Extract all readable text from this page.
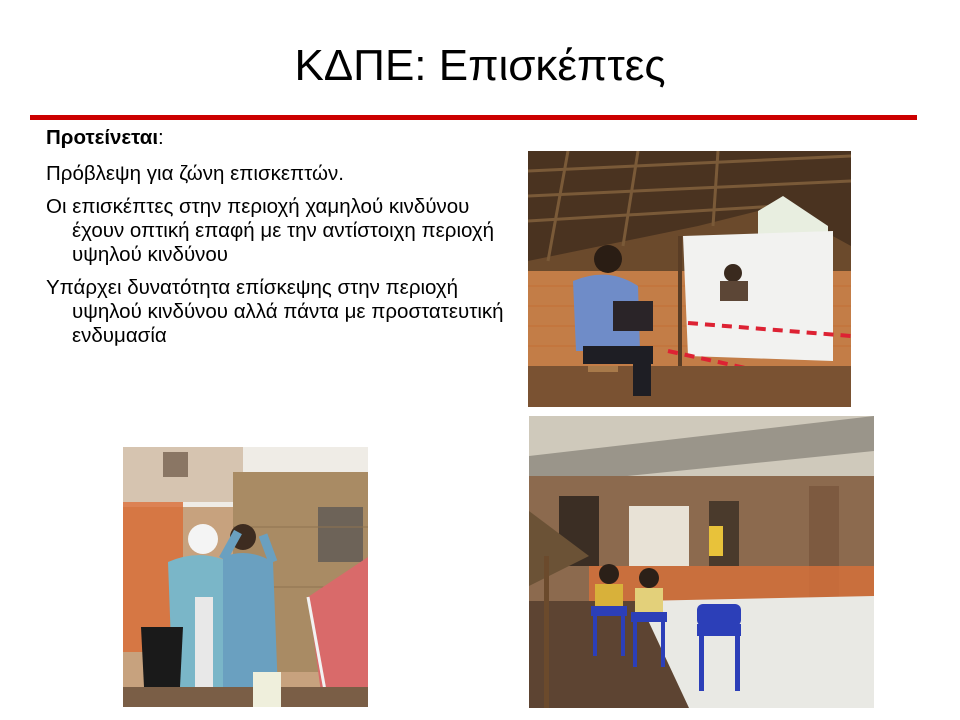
ΚΔΠΕ: Επισκέπτες

Προτείνεται:

Πρόβλεψη για ζώνη επισκεπτών.

Οι επισκέπτες στην περιοχή χαμηλού κινδύνου έχουν οπτική επαφή με την αντίστοιχη περιοχή υψηλού κινδύνου

Υπάρχει δυνατότητα επίσκεψης στην περιοχή υψηλού κινδύνου αλλά πάντα με προστατευτική ενδυμασία
